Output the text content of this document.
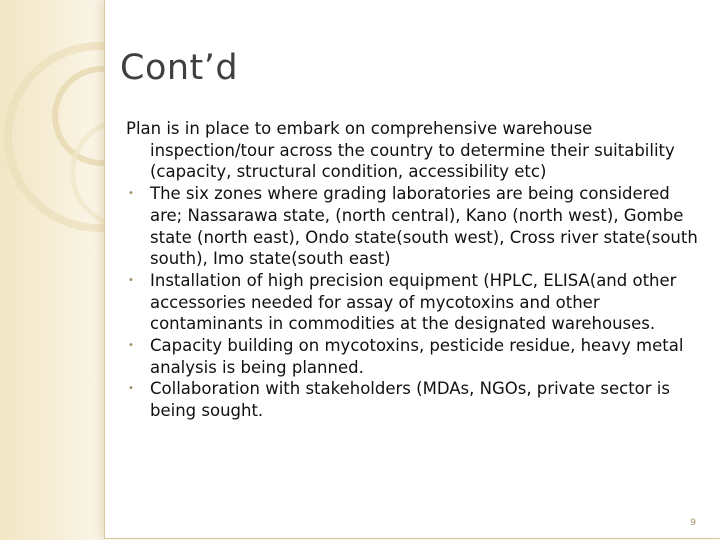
Cont’d

Plan is in place to embark on comprehensive warehouse inspection/tour across the country to determine their suitability (capacity, structural condition, accessibility etc)

• The six zones where grading laboratories are being considered are; Nassarawa state, (north central), Kano (north west), Gombe state (north east), Ondo state(south west), Cross river state(south south), Imo state(south east)
• Installation of high precision equipment (HPLC, ELISA(and other accessories needed for assay of mycotoxins and other contaminants in commodities at the designated warehouses.
• Capacity building on mycotoxins, pesticide residue, heavy metal analysis is being planned.
• Collaboration with stakeholders (MDAs, NGOs, private sector is being sought.
9
